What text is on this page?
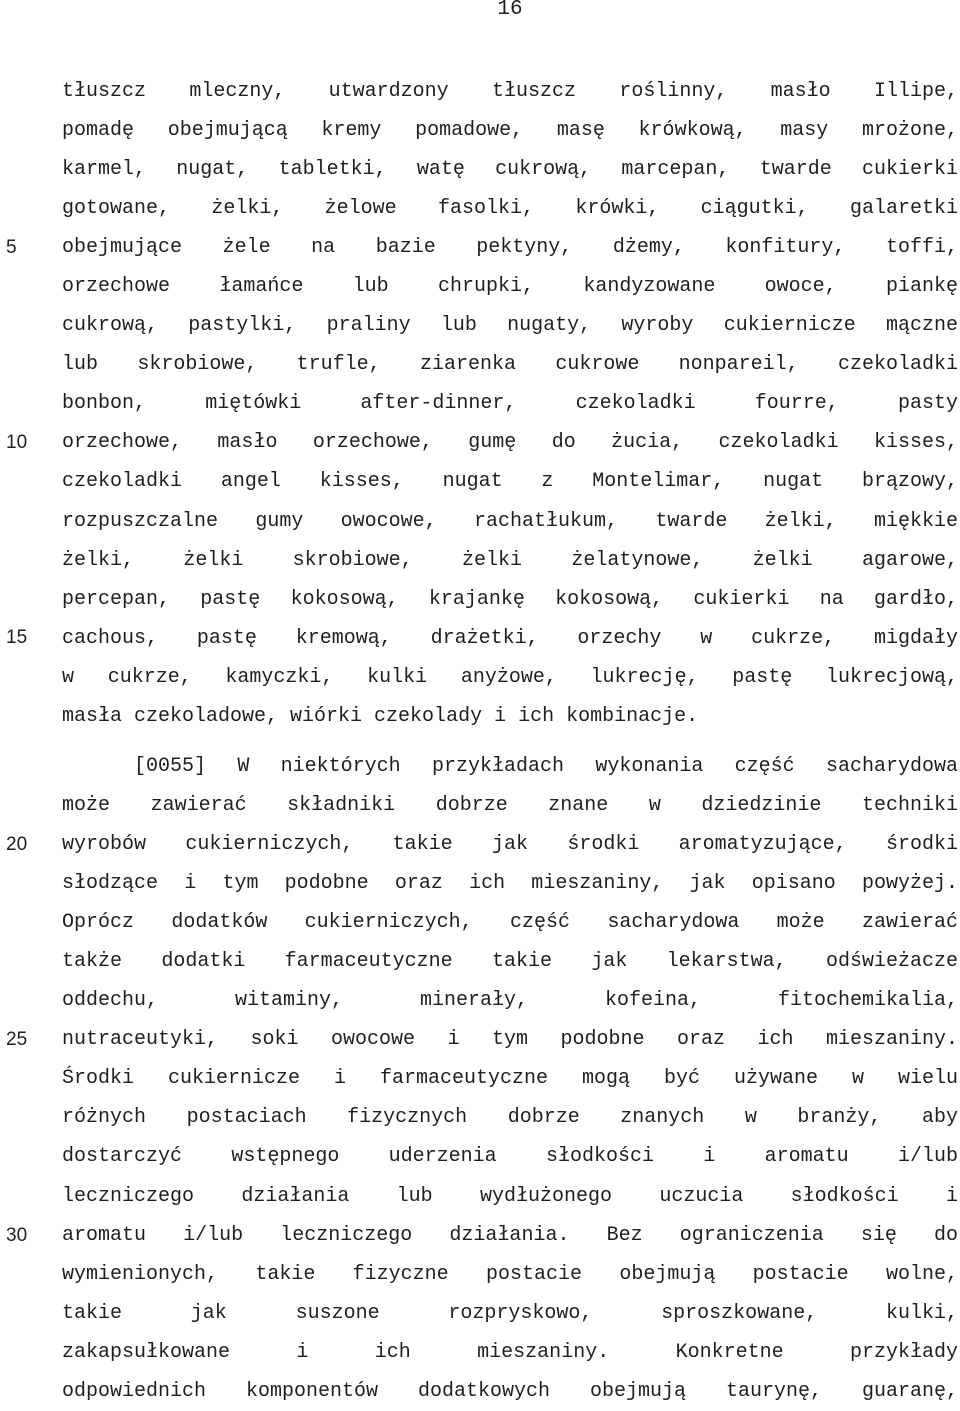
16
5
10
15
20
25
30
tłuszcz mleczny, utwardzony tłuszcz roślinny, masło Illipe,
pomadę obejmującą kremy pomadowe, masę krówkową, masy mrożone,
karmel, nugat, tabletki, watę cukrową, marcepan, twarde cukierki
gotowane, żelki, żelowe fasolki, krówki, ciągutki, galaretki
obejmujące żele na bazie pektyny, dżemy, konfitury, toffi,
orzechowe łamańce lub chrupki, kandyzowane owoce, piankę
cukrową, pastylki, praliny lub nugaty, wyroby cukiernicze mączne
lub skrobiowe, trufle, ziarenka cukrowe nonpareil, czekoladki
bonbon, miętówki after-dinner, czekoladki fourre, pasty
orzechowe, masło orzechowe, gumę do żucia, czekoladki kisses,
czekoladki angel kisses, nugat z Montelimar, nugat brązowy,
rozpuszczalne gumy owocowe, rachatłukum, twarde żelki, miękkie
żelki, żelki skrobiowe, żelki żelatynowe, żelki agarowe,
percepan, pastę kokosową, krajankę kokosową, cukierki na gardło,
cachous, pastę kremową, drażetki, orzechy w cukrze, migdały
w cukrze, kamyczki, kulki anyżowe, lukrecję, pastę lukrecjową,
masła czekoladowe, wiórki czekolady i ich kombinacje.
[0055] W niektórych przykładach wykonania część sacharydowa
może zawierać składniki dobrze znane w dziedzinie techniki
wyrobów cukierniczych, takie jak środki aromatyzujące, środki
słodzące i tym podobne oraz ich mieszaniny, jak opisano powyżej.
Oprócz dodatków cukierniczych, część sacharydowa może zawierać
także dodatki farmaceutyczne takie jak lekarstwa, odświeżacze
oddechu, witaminy, minerały, kofeina, fitochemikalia,
nutraceutyki, soki owocowe i tym podobne oraz ich mieszaniny.
Środki cukiernicze i farmaceutyczne mogą być używane w wielu
różnych postaciach fizycznych dobrze znanych w branży, aby
dostarczyć wstępnego uderzenia słodkości i aromatu i/lub
leczniczego działania lub wydłużonego uczucia słodkości i
aromatu i/lub leczniczego działania. Bez ograniczenia się do
wymienionych, takie fizyczne postacie obejmują postacie wolne,
takie jak suszone rozpryskowo, sproszkowane, kulki,
zakapsułkowane i ich mieszaniny. Konkretne przykłady
odpowiednich komponentów dodatkowych obejmują taurynę, guaranę,
